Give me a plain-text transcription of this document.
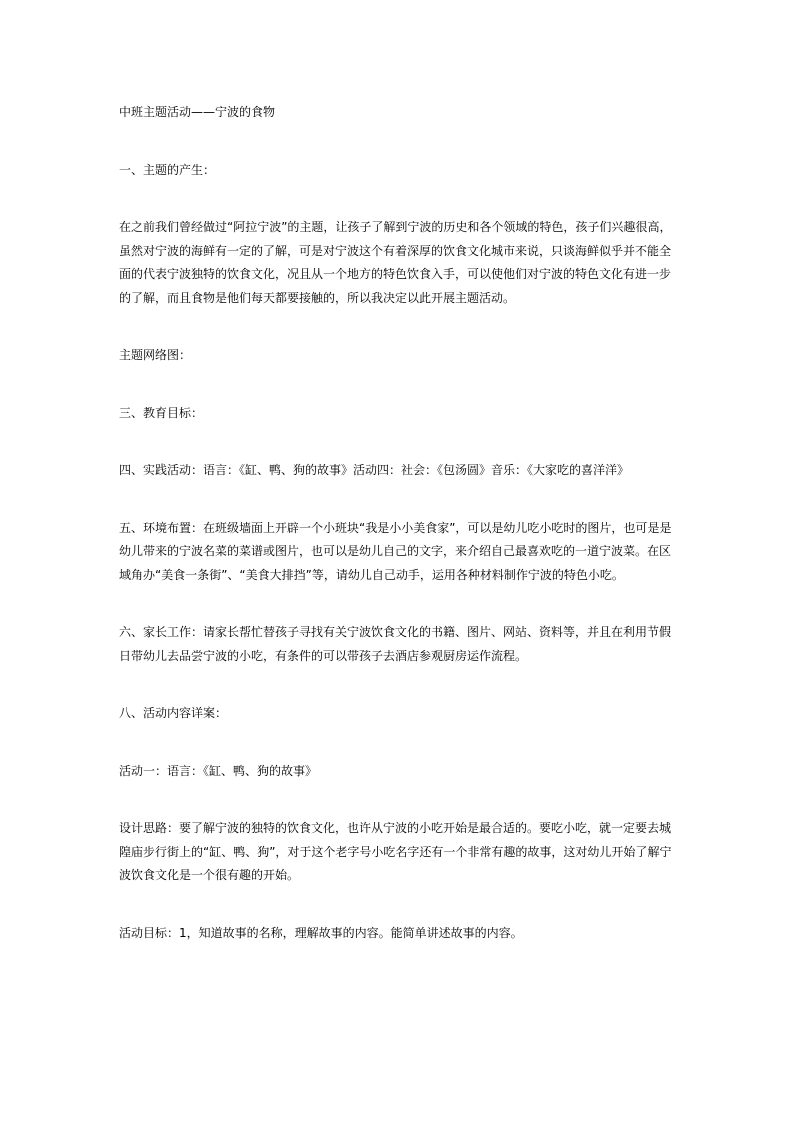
中班主题活动——宁波的食物

一、主题的产生：

在之前我们曾经做过“阿拉宁波”的主题，让孩子了解到宁波的历史和各个领域的特色，孩子们兴趣很高，虽然对宁波的海鲜有一定的了解，可是对宁波这个有着深厚的饮食文化城市来说，只谈海鲜似乎并不能全面的代表宁波独特的饮食文化，况且从一个地方的特色饮食入手，可以使他们对宁波的特色文化有进一步的了解，而且食物是他们每天都要接触的，所以我决定以此开展主题活动。

主题网络图：

三、教育目标：

四、实践活动：语言：《缸、鸭、狗的故事》活动四：社会：《包汤圆》音乐：《大家吃的喜洋洋》

五、环境布置：在班级墙面上开辟一个小班块“我是小小美食家”，可以是幼儿吃小吃时的图片，也可是是幼儿带来的宁波名菜的菜谱或图片，也可以是幼儿自己的文字，来介绍自己最喜欢吃的一道宁波菜。在区域角办“美食一条街”、“美食大排挡”等，请幼儿自己动手，运用各种材料制作宁波的特色小吃。

六、家长工作：请家长帮忙替孩子寻找有关宁波饮食文化的书籍、图片、网站、资料等，并且在利用节假日带幼儿去品尝宁波的小吃，有条件的可以带孩子去酒店参观厨房运作流程。

八、活动内容详案：

活动一：语言：《缸、鸭、狗的故事》

设计思路：要了解宁波的独特的饮食文化，也许从宁波的小吃开始是最合适的。要吃小吃，就一定要去城隍庙步行街上的“缸、鸭、狗”，对于这个老字号小吃名字还有一个非常有趣的故事，这对幼儿开始了解宁波饮食文化是一个很有趣的开始。

活动目标：1，知道故事的名称，理解故事的内容。能简单讲述故事的内容。
